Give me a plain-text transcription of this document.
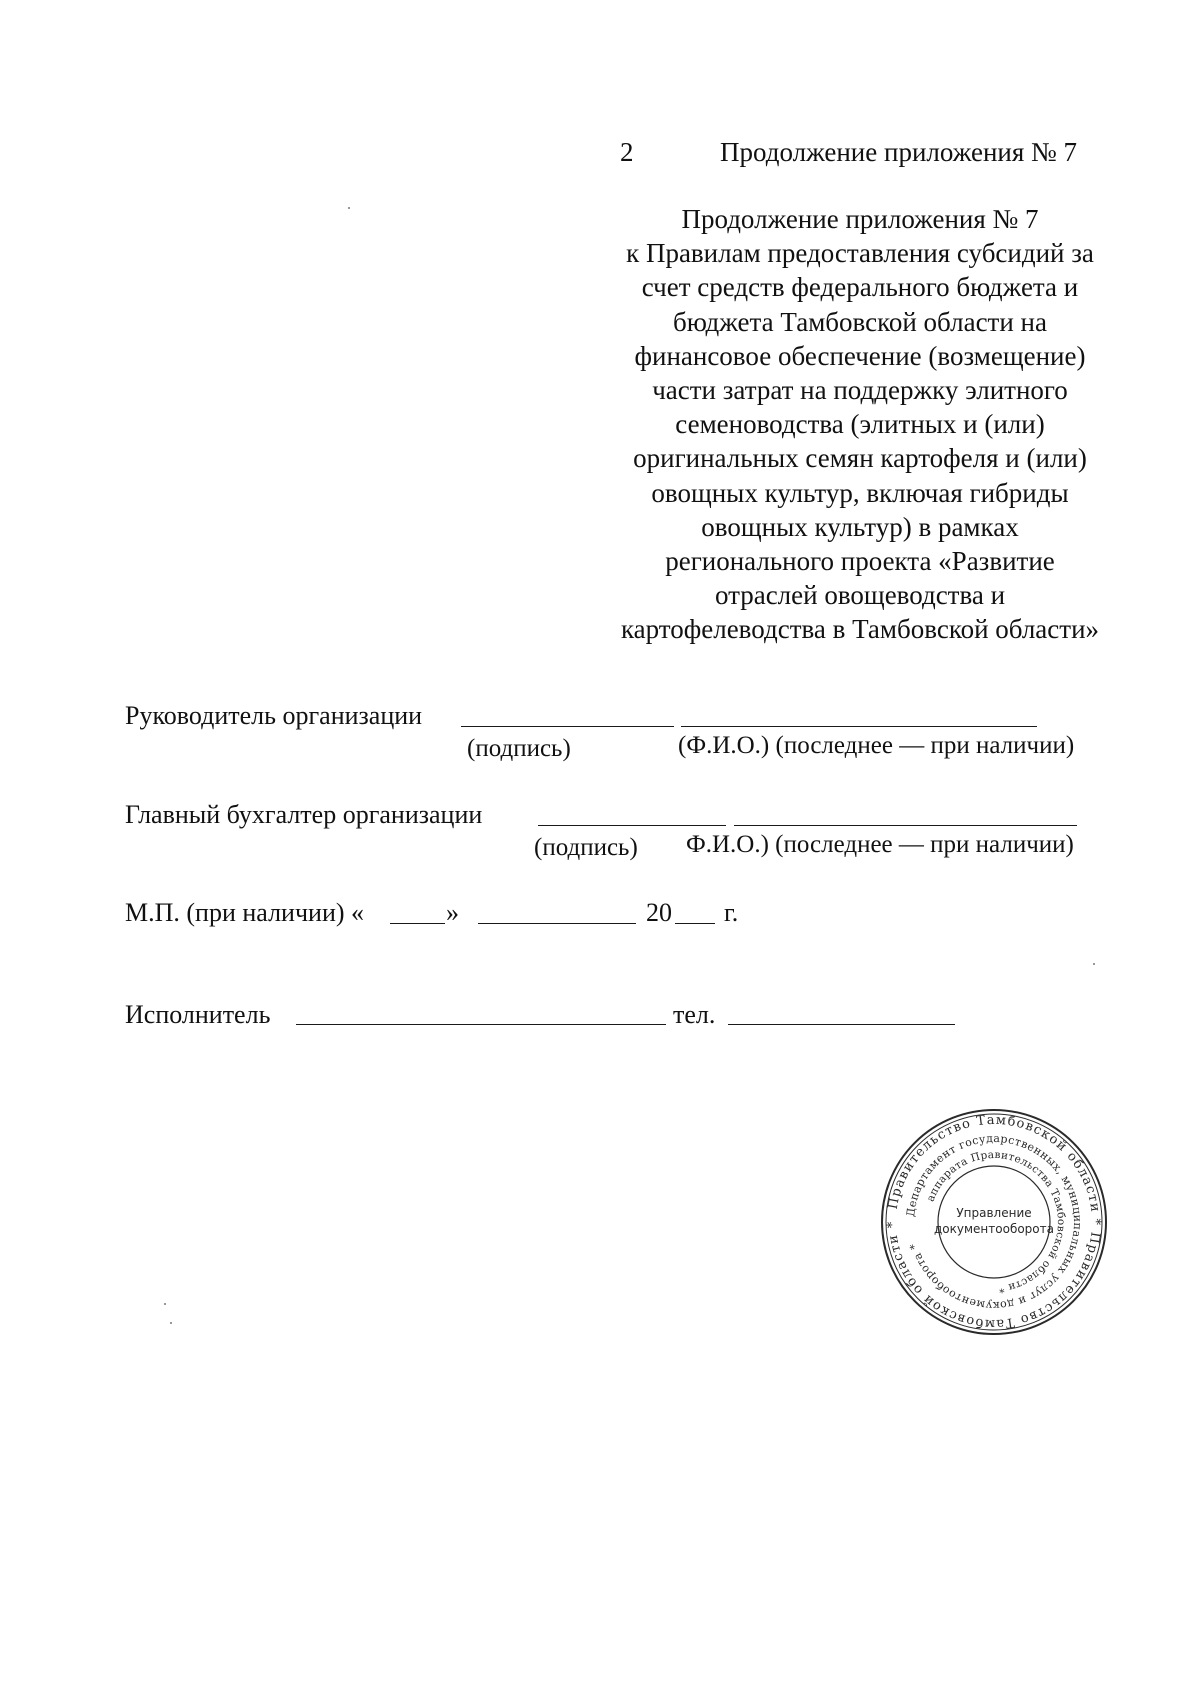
2	Продолжение приложения № 7
Продолжение приложения № 7
к Правилам предоставления субсидий за
счет средств федерального бюджета и
бюджета Тамбовской области на
финансовое обеспечение (возмещение)
части затрат на поддержку элитного
семеноводства (элитных и (или)
оригинальных семян картофеля и (или)
овощных культур, включая гибриды
овощных культур) в рамках
регионального проекта «Развитие
отраслей овощеводства и
картофелеводства в Тамбовской области»
Руководитель организации
(подпись)	(Ф.И.О.) (последнее — при наличии)
Главный бухгалтер организации
(подпись) Ф.И.О.) (последнее — при наличии)
М.П. (при наличии) «	»	20 г.
Исполнитель	тел.
Правительство Тамбовской области * Правительство Тамбовской области *
Департамент государственных, муниципальных услуг и документооборота *
аппарата Правительства Тамбовской области *
Управление
документооборота
